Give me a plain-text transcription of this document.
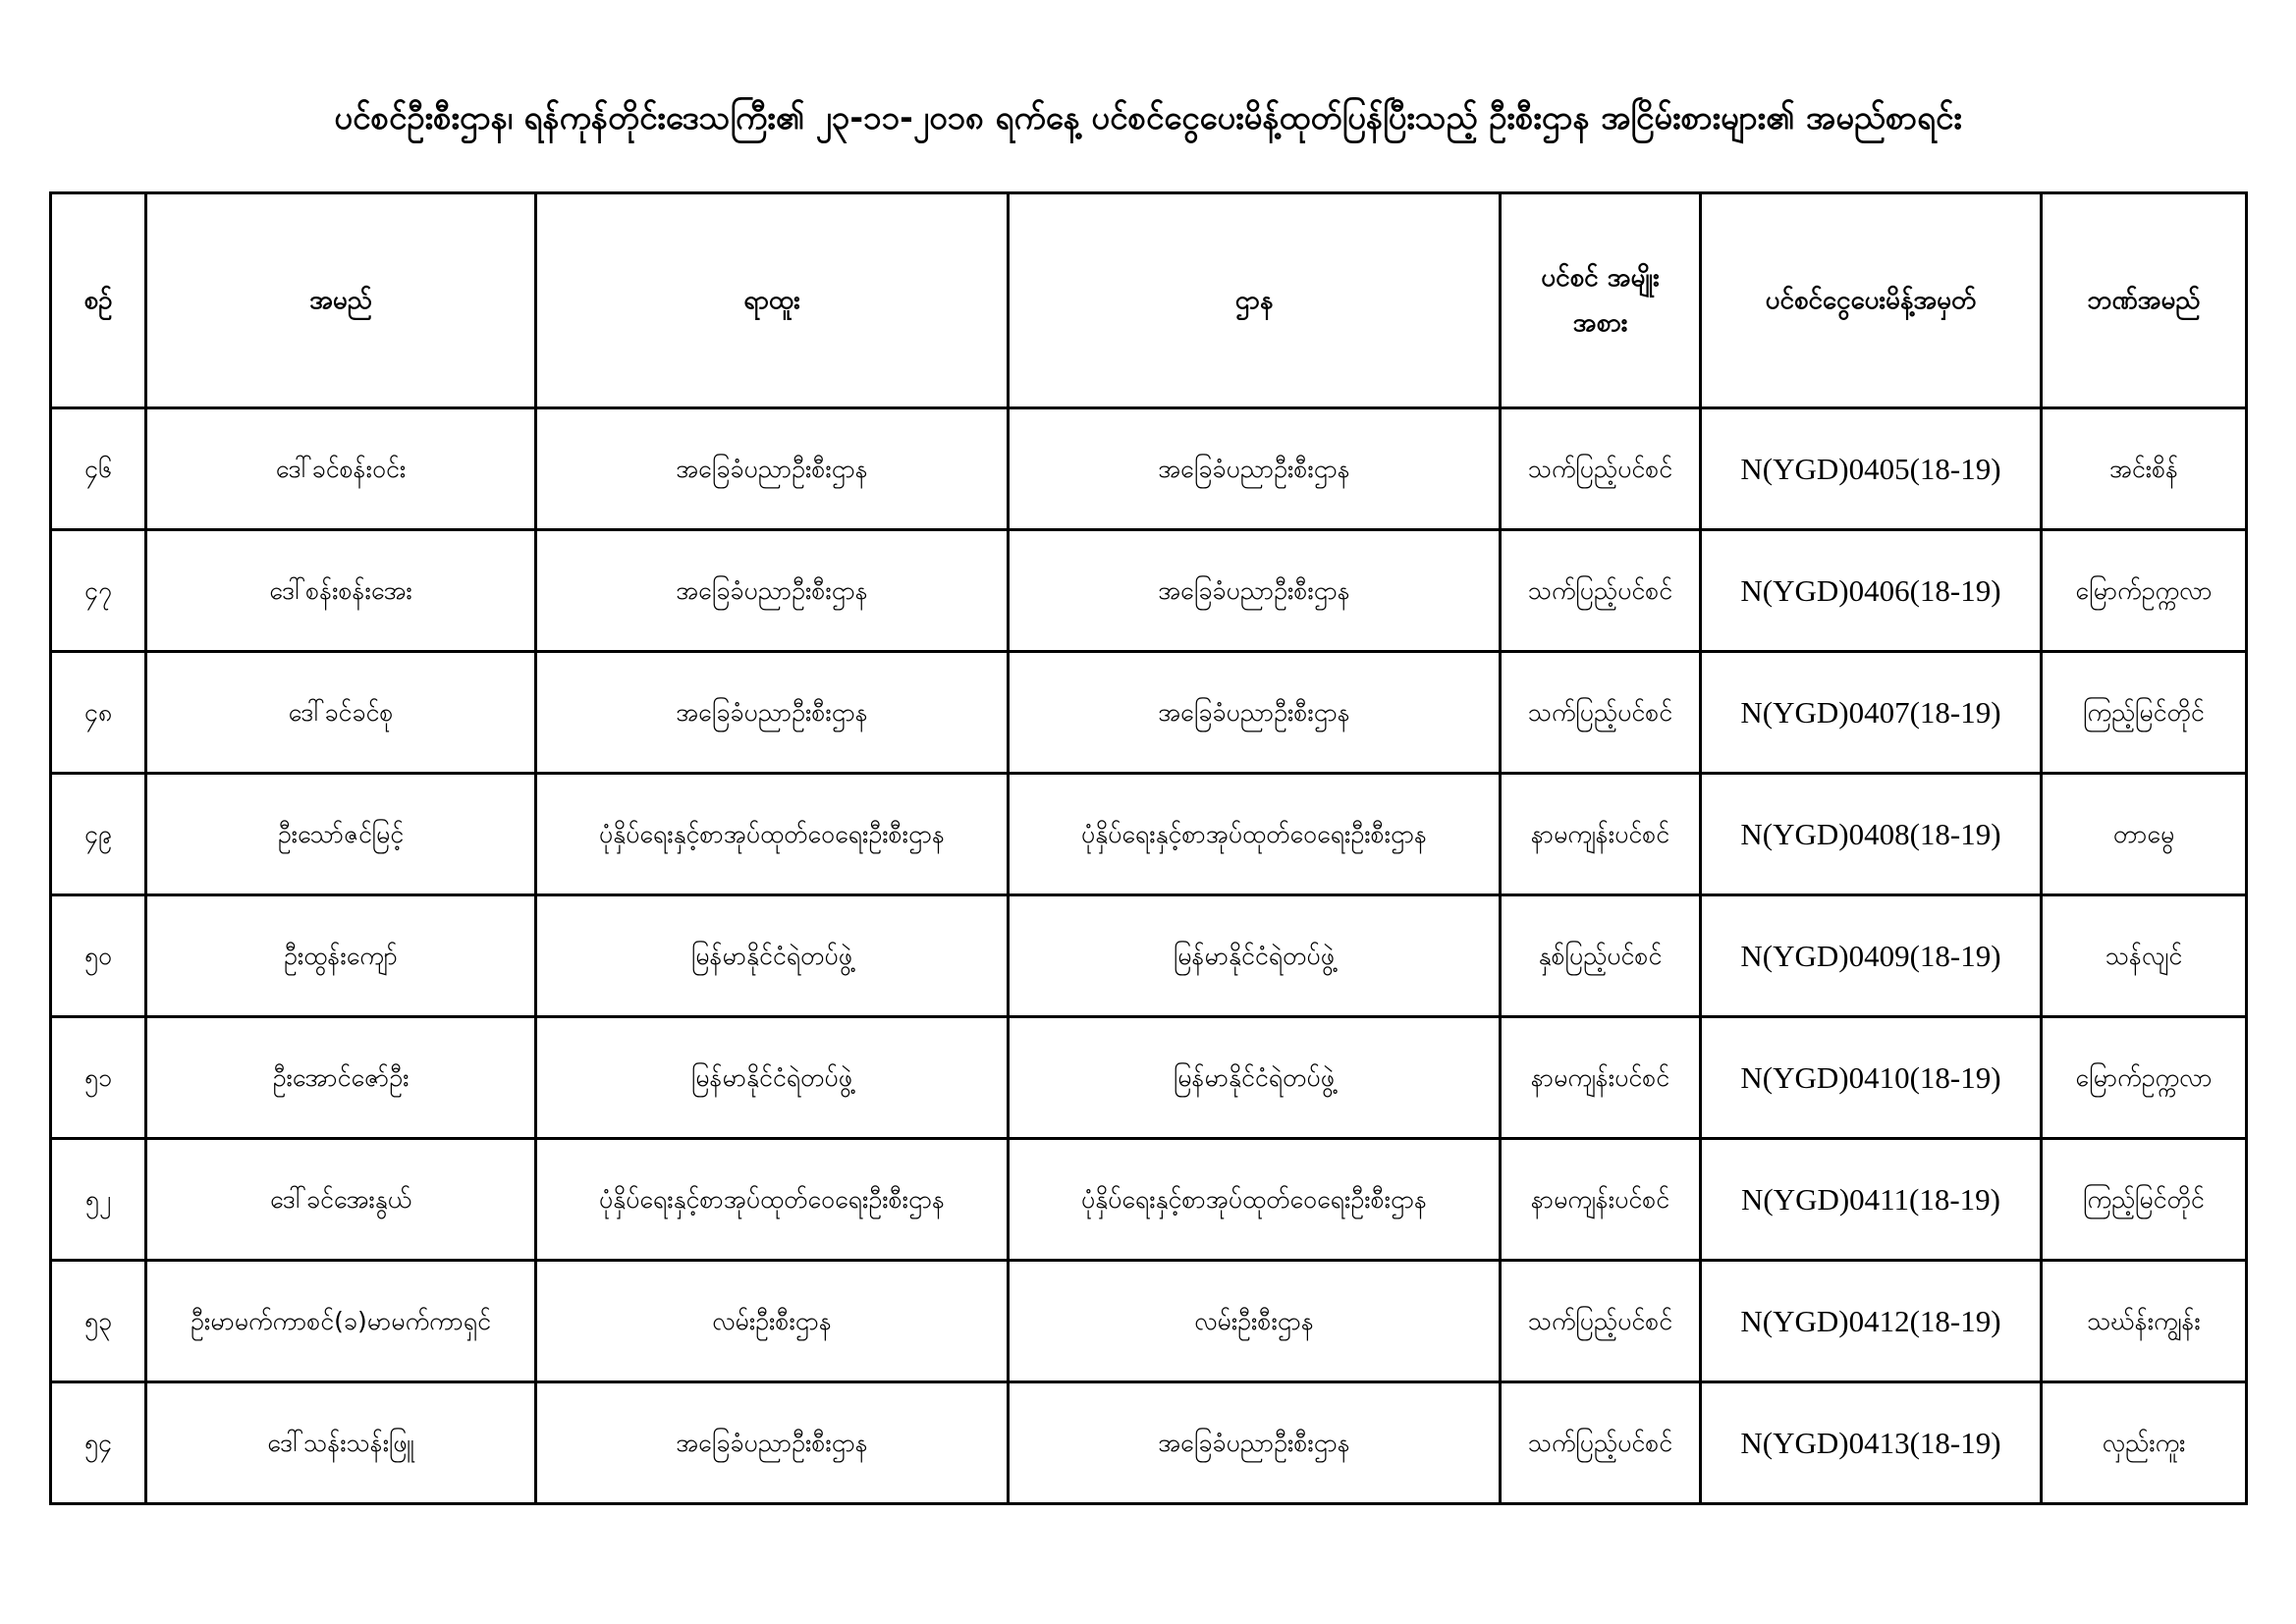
ပင်စင်ဦးစီးဌာန၊ ရန်ကုန်တိုင်းဒေသကြီး၏ ၂၃-၁၁-၂၀၁၈ ရက်နေ့ ပင်စင်ငွေပေးမိန့်ထုတ်ပြန်ပြီးသည့် ဦးစီးဌာန အငြိမ်းစားများ၏ အမည်စာရင်း
စဥ်	အမည်	ရာထူး	ဌာန	ပင်စင် အမျိုး အစား	ပင်စင်ငွေပေးမိန့်အမှတ်	ဘဏ်အမည်
၄၆	ဒေါ်ခင်စန်းဝင်း	အခြေခံပညာဦးစီးဌာန	အခြေခံပညာဦးစီးဌာန	သက်ပြည့်ပင်စင်	N(YGD)0405(18-19)	အင်းစိန်
၄၇	ဒေါ်စန်းစန်းအေး	အခြေခံပညာဦးစီးဌာန	အခြေခံပညာဦးစီးဌာန	သက်ပြည့်ပင်စင်	N(YGD)0406(18-19)	မြောက်ဥက္ကလာ
၄၈	ဒေါ်ခင်ခင်စု	အခြေခံပညာဦးစီးဌာန	အခြေခံပညာဦးစီးဌာန	သက်ပြည့်ပင်စင်	N(YGD)0407(18-19)	ကြည့်မြင်တိုင်
၄၉	ဦးသော်ဇင်မြင့်	ပုံနှိပ်ရေးနှင့်စာအုပ်ထုတ်ဝေရေးဦးစီးဌာန	ပုံနှိပ်ရေးနှင့်စာအုပ်ထုတ်ဝေရေးဦးစီးဌာန	နာမကျန်းပင်စင်	N(YGD)0408(18-19)	တာမွေ
၅၀	ဦးထွန်းကျော်	မြန်မာနိုင်ငံရဲတပ်ဖွဲ့	မြန်မာနိုင်ငံရဲတပ်ဖွဲ့	နှစ်ပြည့်ပင်စင်	N(YGD)0409(18-19)	သန်လျင်
၅၁	ဦးအောင်ဇော်ဦး	မြန်မာနိုင်ငံရဲတပ်ဖွဲ့	မြန်မာနိုင်ငံရဲတပ်ဖွဲ့	နာမကျန်းပင်စင်	N(YGD)0410(18-19)	မြောက်ဥက္ကလာ
၅၂	ဒေါ်ခင်အေးနွယ်	ပုံနှိပ်ရေးနှင့်စာအုပ်ထုတ်ဝေရေးဦးစီးဌာန	ပုံနှိပ်ရေးနှင့်စာအုပ်ထုတ်ဝေရေးဦးစီးဌာန	နာမကျန်းပင်စင်	N(YGD)0411(18-19)	ကြည့်မြင်တိုင်
၅၃	ဦးမာမက်ကာစင်(ခ)မာမက်ကာရှင်	လမ်းဦးစီးဌာန	လမ်းဦးစီးဌာန	သက်ပြည့်ပင်စင်	N(YGD)0412(18-19)	သဃ်န်းကျွန်း
၅၄	ဒေါ်သန်းသန်းဖြူ	အခြေခံပညာဦးစီးဌာန	အခြေခံပညာဦးစီးဌာန	သက်ပြည့်ပင်စင်	N(YGD)0413(18-19)	လှည်းကူး
